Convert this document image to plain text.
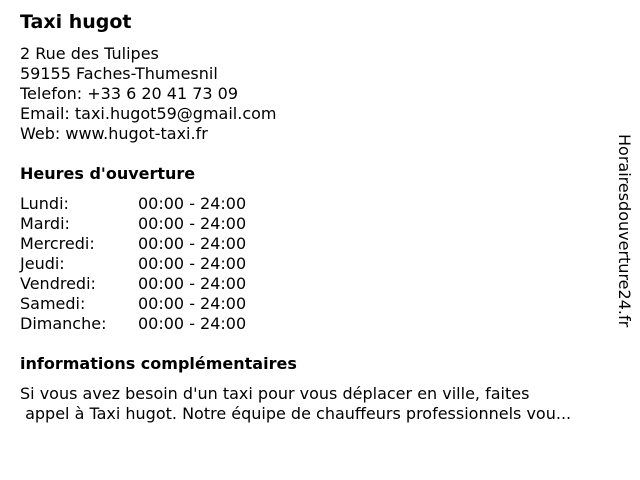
Taxi hugot
2 Rue des Tulipes
59155 Faches-Thumesnil
Telefon: +33 6 20 41 73 09
Email: taxi.hugot59@gmail.com
Web: www.hugot-taxi.fr
Heures d'ouverture
Lundi:	00:00 - 24:00
Mardi:	00:00 - 24:00
Mercredi:	00:00 - 24:00
Jeudi:	00:00 - 24:00
Vendredi:	00:00 - 24:00
Samedi:	00:00 - 24:00
Dimanche: 00:00 - 24:00
informations complémentaires
Si vous avez besoin d'un taxi pour vous déplacer en ville, faites
appel à Taxi hugot. Notre équipe de chauffeurs professionnels vou...
Horairesdouverture24.fr
